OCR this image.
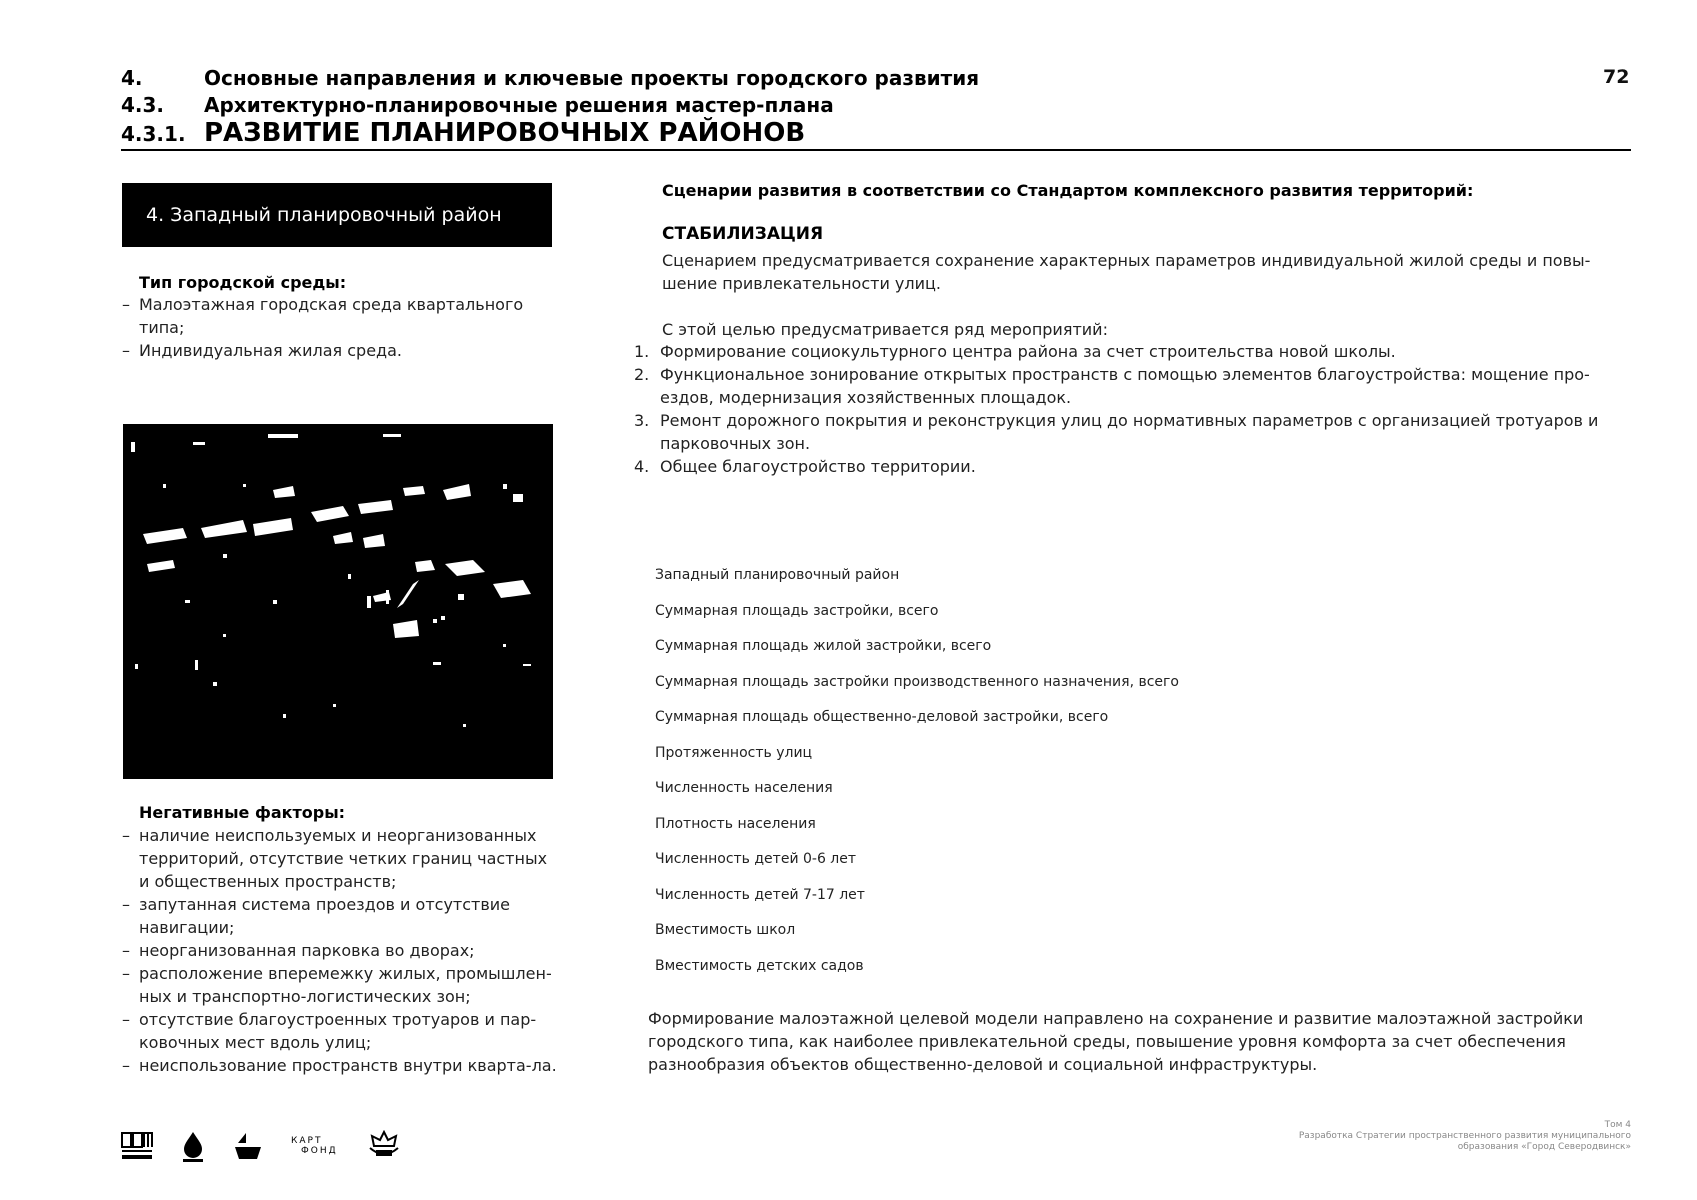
4.	Основные направления и ключевые проекты городского развития
4.3. Архитектурно-планировочные решения мастер-плана
4.3.1. РАЗВИТИЕ ПЛАНИРОВОЧНЫХ РАЙОНОВ
72
4. Западный планировочный район
Тип городской среды:
– Малоэтажная городская среда квартального типа;
– Индивидуальная жилая среда.
Негативные факторы:
– наличие неиспользуемых и неорганизованных территорий, отсутствие четких границ частных и общественных пространств;
– запутанная система проездов и отсутствие навигации;
– неорганизованная парковка во дворах;
– расположение вперемежку жилых, промышлен-ных и транспортно-логистических зон;
– отсутствие благоустроенных тротуаров и пар-ковочных мест вдоль улиц;
– неиспользование пространств внутри кварта-ла.
Сценарии развития в соответствии со Стандартом комплексного развития территорий:
СТАБИЛИЗАЦИЯ
Сценарием предусматривается сохранение характерных параметров индивидуальной жилой среды и повы-шение привлекательности улиц.
С этой целью предусматривается ряд мероприятий:
1. Формирование социокультурного центра района за счет строительства новой школы.
2. Функциональное зонирование открытых пространств с помощью элементов благоустройства: мощение про-ездов, модернизация хозяйственных площадок.
3. Ремонт дорожного покрытия и реконструкция улиц до нормативных параметров с организацией тротуаров и парковочных зон.
4. Общее благоустройство территории.
Западный планировочный район
Суммарная площадь застройки, всего
Суммарная площадь жилой застройки, всего
Суммарная площадь застройки производственного назначения, всего
Суммарная площадь общественно-деловой застройки, всего
Протяженность улиц
Численность населения
Плотность населения
Численность детей 0-6 лет
Численность детей 7-17 лет
Вместимость школ
Вместимость детских садов
Формирование малоэтажной целевой модели направлено на сохранение и развитие малоэтажной застройки городского типа, как наиболее привлекательной среды, повышение уровня комфорта за счет обеспечения разнообразия объектов общественно-деловой и социальной инфраструктуры.
КАРТ
ФОНД
Том 4
Разработка Стратегии пространственного развития муниципального
образования «Город Северодвинск»
